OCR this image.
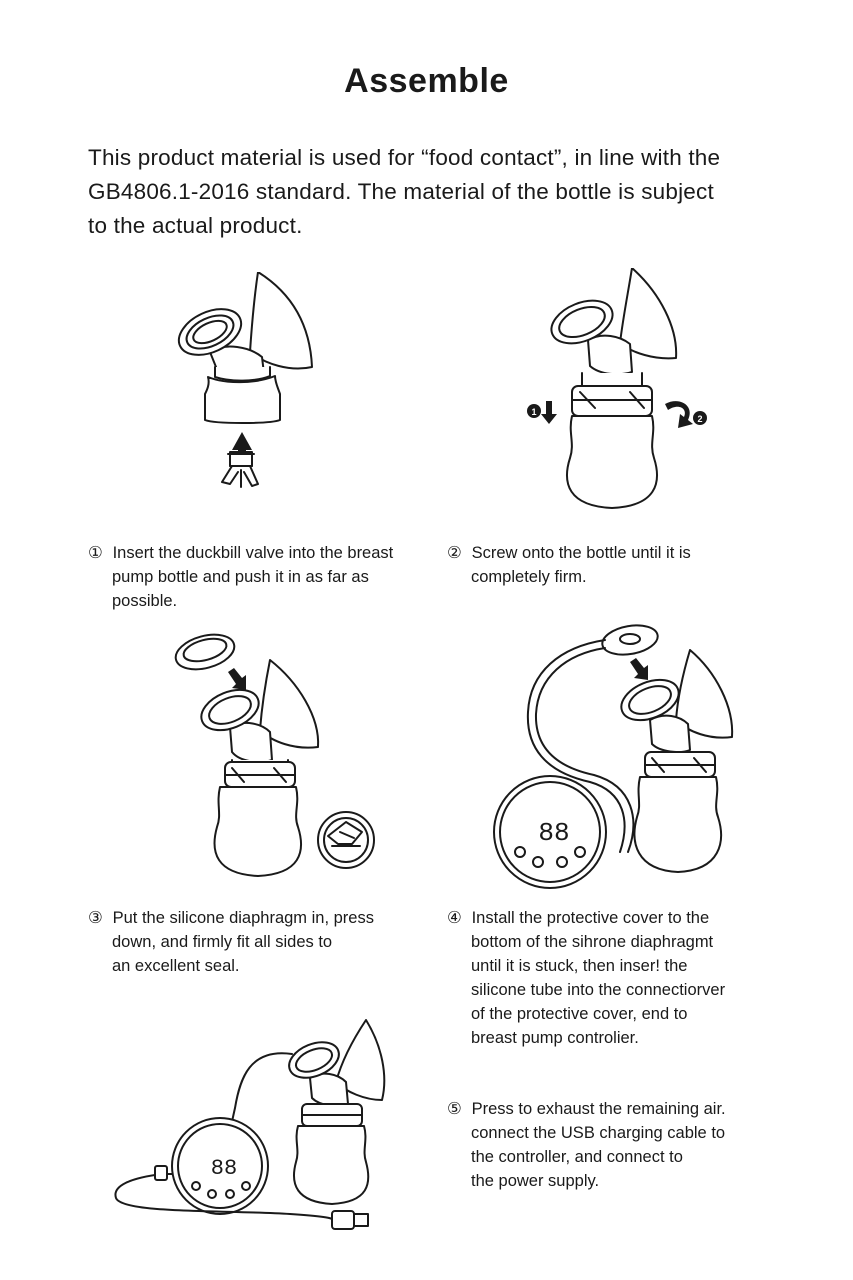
Assemble
This product material is used for “food contact”, in line with the
GB4806.1-2016 standard. The material of the bottle is subject
to the actual product.
1
2
① Insert the duckbill valve into the breast
pump bottle and push it in as far as
possible.
② Screw onto the bottle until it is
completely firm.
88
③ Put the silicone diaphragm in, press
down, and firmly fit all sides to
an excellent seal.
④ Install the protective cover to the
bottom of the sihrone diaphragmt
until it is stuck, then inser! the
silicone tube into the connectiorver
of the protective cover, end to
breast pump controlier.
88
⑤ Press to exhaust the remaining air.
connect the USB charging cable to
the controller, and connect to
the power supply.
